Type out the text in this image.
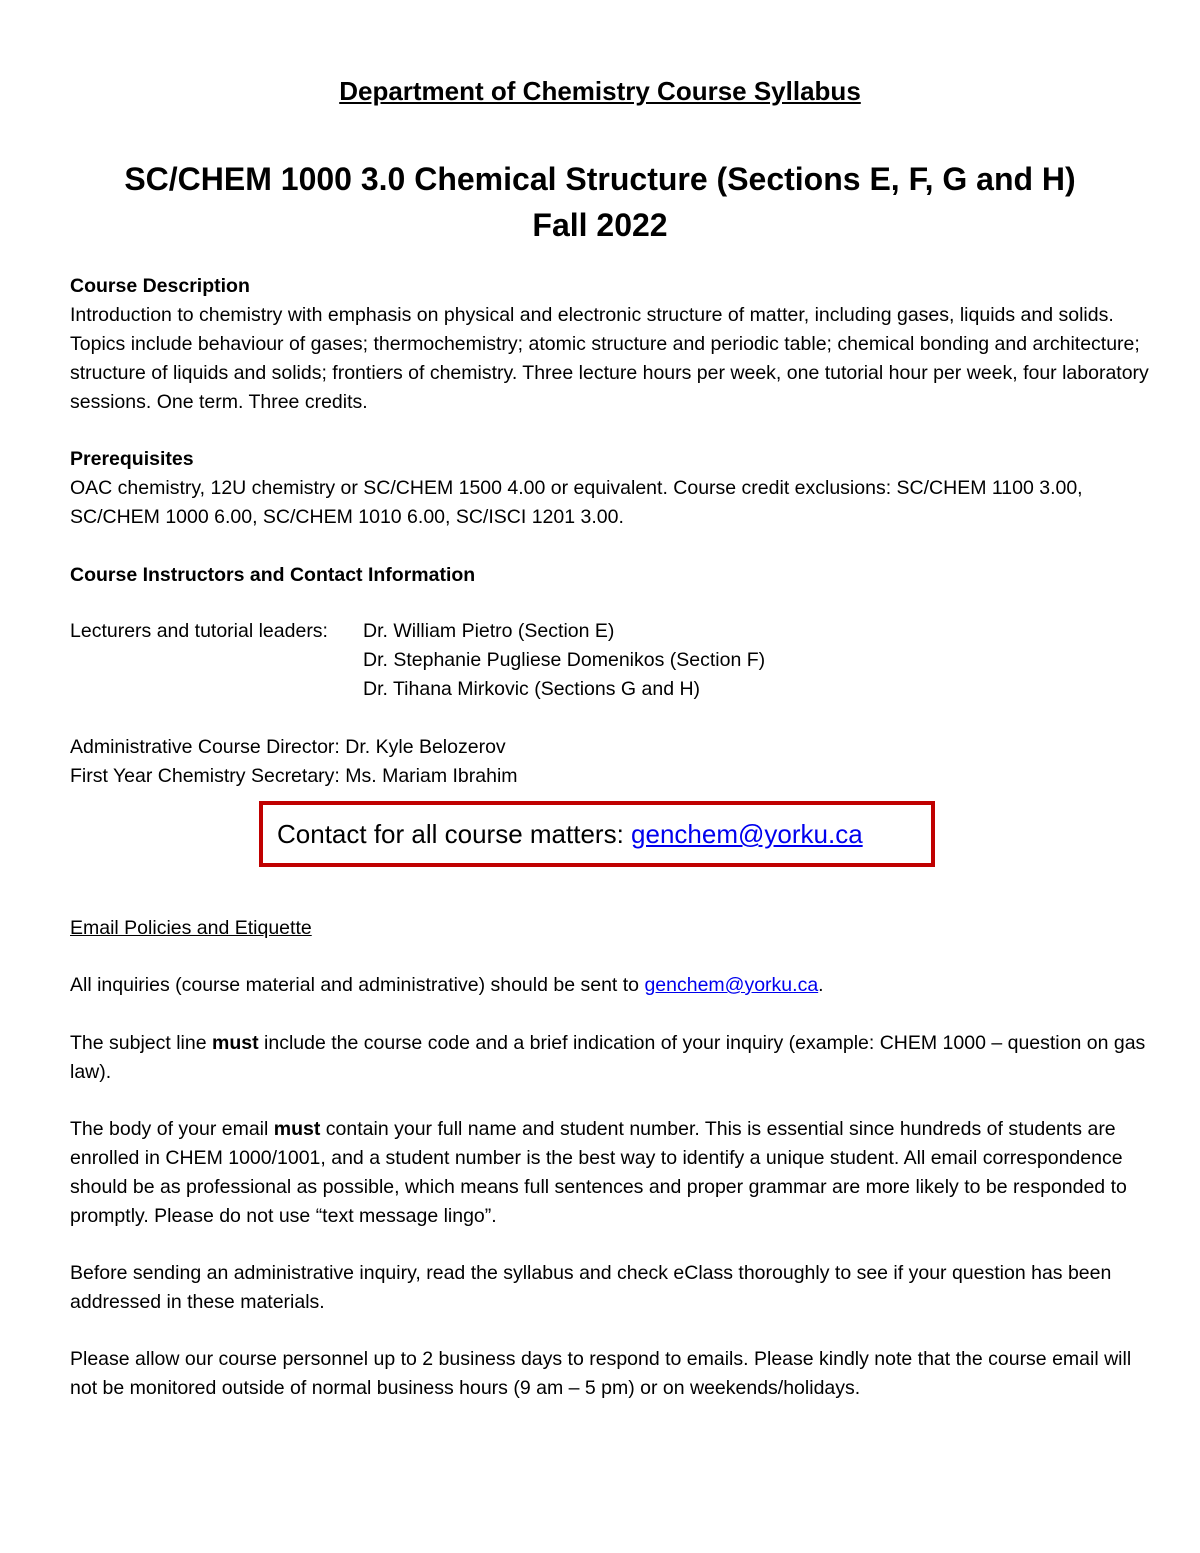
Department of Chemistry Course Syllabus
SC/CHEM 1000 3.0 Chemical Structure (Sections E, F, G and H)
Fall 2022
Course Description
Introduction to chemistry with emphasis on physical and electronic structure of matter, including gases, liquids and solids. Topics include behaviour of gases; thermochemistry; atomic structure and periodic table; chemical bonding and architecture; structure of liquids and solids; frontiers of chemistry. Three lecture hours per week, one tutorial hour per week, four laboratory sessions. One term. Three credits.
Prerequisites
OAC chemistry, 12U chemistry or SC/CHEM 1500 4.00 or equivalent. Course credit exclusions: SC/CHEM 1100 3.00, SC/CHEM 1000 6.00, SC/CHEM 1010 6.00, SC/ISCI 1201 3.00.
Course Instructors and Contact Information
Lecturers and tutorial leaders: Dr. William Pietro (Section E)
Dr. Stephanie Pugliese Domenikos (Section F)
Dr. Tihana Mirkovic (Sections G and H)
Administrative Course Director: Dr. Kyle Belozerov
First Year Chemistry Secretary: Ms. Mariam Ibrahim
Contact for all course matters: genchem@yorku.ca
Email Policies and Etiquette
All inquiries (course material and administrative) should be sent to genchem@yorku.ca.
The subject line must include the course code and a brief indication of your inquiry (example: CHEM 1000 – question on gas law).
The body of your email must contain your full name and student number. This is essential since hundreds of students are enrolled in CHEM 1000/1001, and a student number is the best way to identify a unique student. All email correspondence should be as professional as possible, which means full sentences and proper grammar are more likely to be responded to promptly. Please do not use “text message lingo”.
Before sending an administrative inquiry, read the syllabus and check eClass thoroughly to see if your question has been addressed in these materials.
Please allow our course personnel up to 2 business days to respond to emails. Please kindly note that the course email will not be monitored outside of normal business hours (9 am – 5 pm) or on weekends/holidays.
